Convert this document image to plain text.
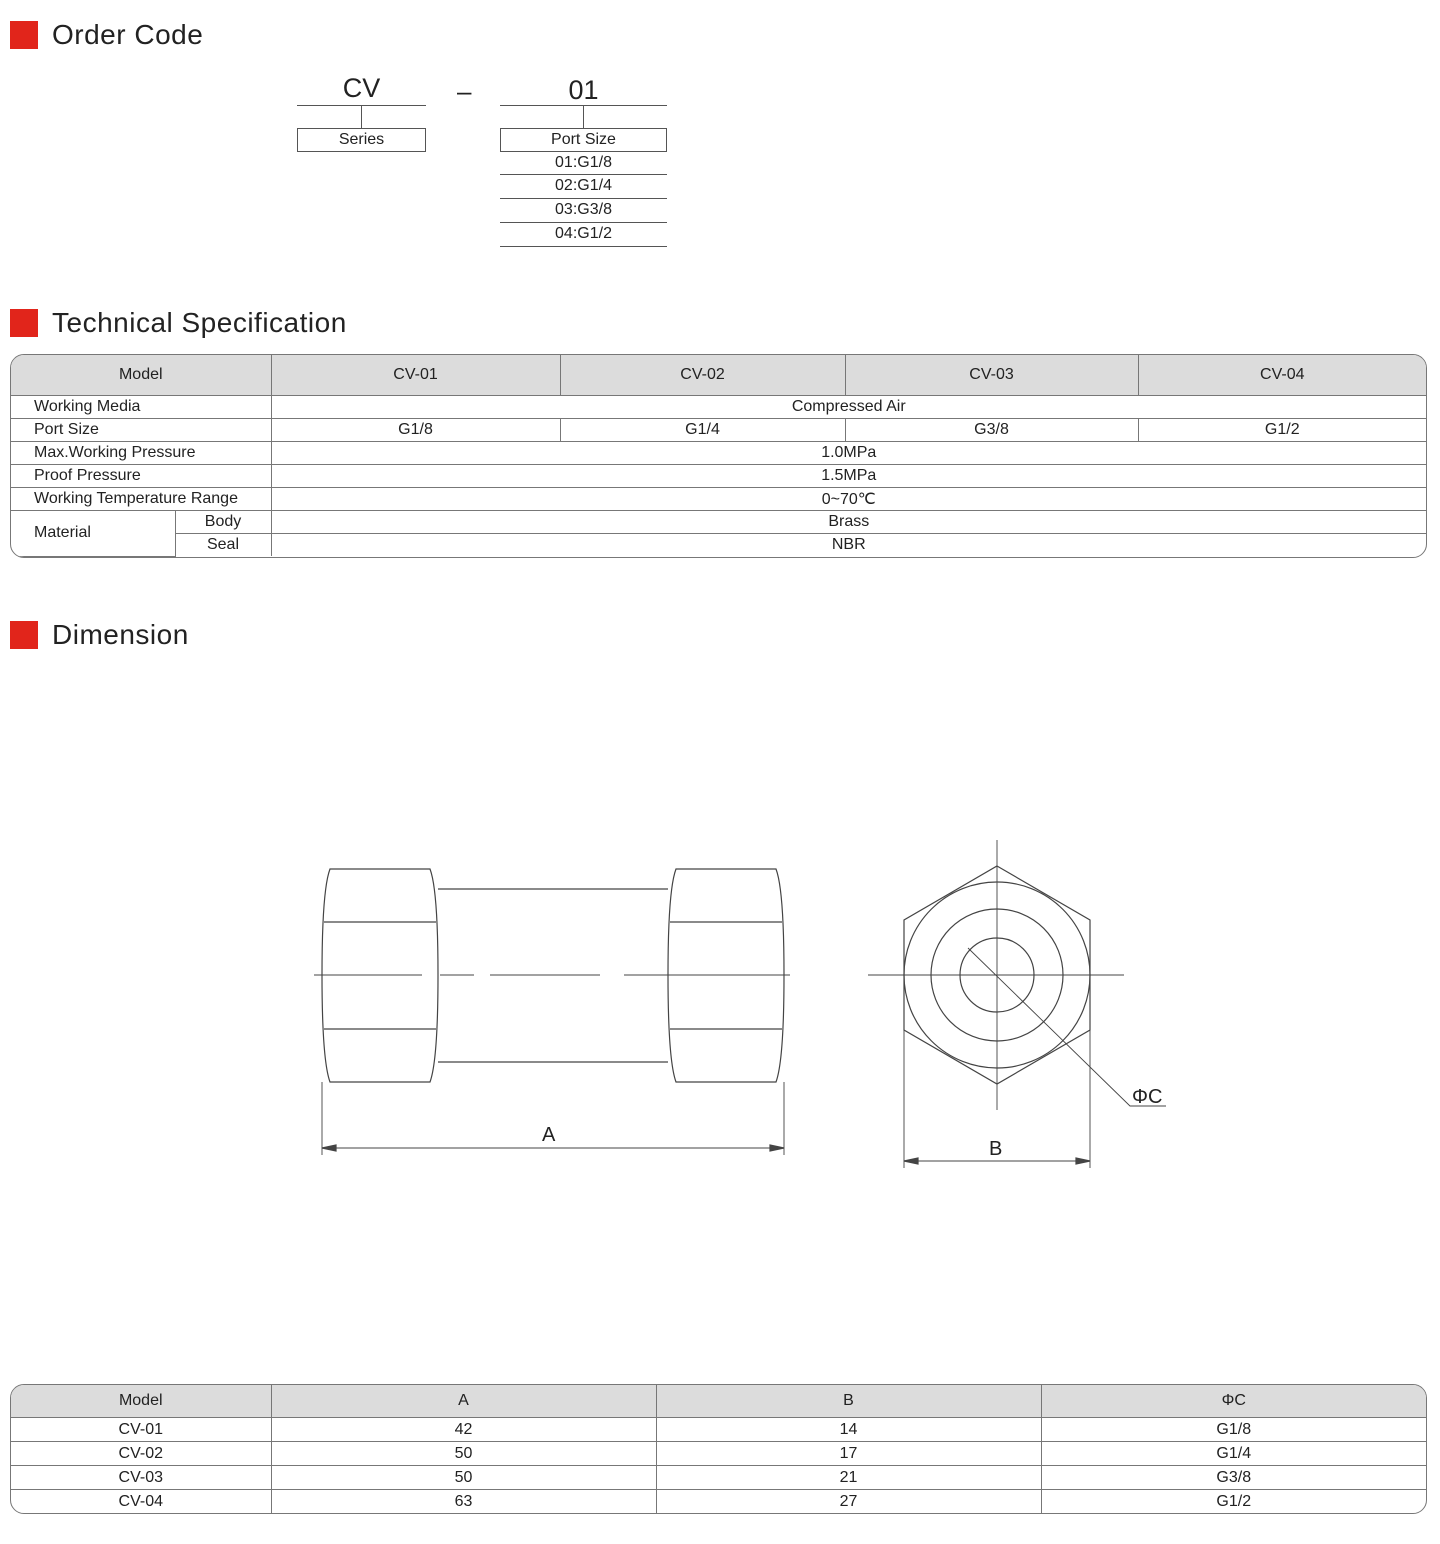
Order Code
CV
Series
–	01
Port Size
01:G1/8
02:G1/4
03:G3/8
04:G1/2
Technical Specification
Model		CV-01	CV-02	CV-03	CV-04
Working Media		Compressed Air			
Port Size		G1/8	G1/4	G3/8	G1/2
Max.Working Pressure		1.0MPa			
Proof Pressure		1.5MPa			
Working Temperature Range		0~70℃			
Material	Body	Brass			
	Seal	NBR			
Dimension
A
B
ΦC
Model	A	B	ΦC
CV-01	42	14	G1/8
CV-02	50	17	G1/4
CV-03	50	21	G3/8
CV-04	63	27	G1/2
